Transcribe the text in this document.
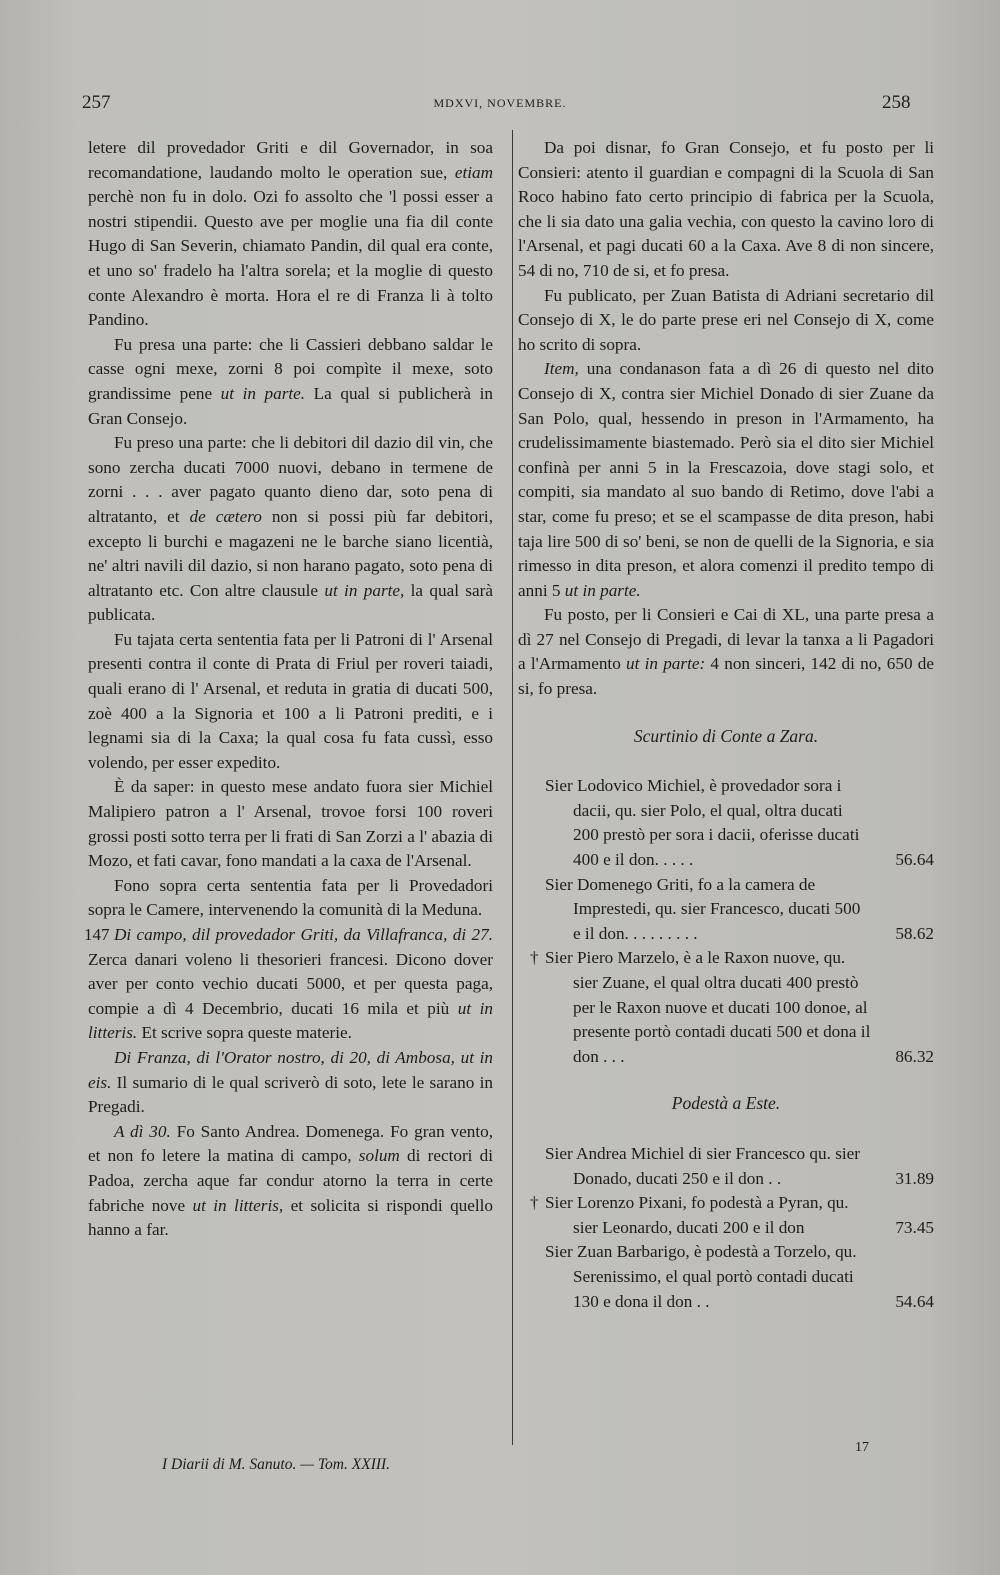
257	MDXVI, NOVEMBRE.	258

letere dil provedador Griti e dil Governador, in soa recomandatione, laudando molto le operation sue, etiam perchè non fu in dolo. Ozi fo assolto che 'l possi esser a nostri stipendii. Questo ave per moglie una fia dil conte Hugo di San Severin, chiamato Pandin, dil qual era conte, et uno so' fradelo ha l'altra sorela; et la moglie di questo conte Alexandro è morta. Hora el re di Franza li à tolto Pandino.

Fu presa una parte: che li Cassieri debbano saldar le casse ogni mexe, zorni 8 poi compìte il mexe, soto grandissime pene ut in parte. La qual si publicherà in Gran Consejo.

Fu preso una parte: che li debitori dil dazio dil vin, che sono zercha ducati 7000 nuovi, debano in termene de zorni . . . aver pagato quanto dieno dar, soto pena di altratanto, et de cætero non si possi più far debitori, excepto li burchi e magazeni ne le barche siano licentià, ne' altri navili dil dazio, si non harano pagato, soto pena di altratanto etc. Con altre clausule ut in parte, la qual sarà publicata.

Fu tajata certa sententia fata per li Patroni di l' Arsenal presenti contra il conte di Prata di Friul per roveri taiadi, quali erano di l' Arsenal, et reduta in gratia di ducati 500, zoè 400 a la Signoria et 100 a li Patroni prediti, e i legnami sia di la Caxa; la qual cosa fu fata cussì, esso volendo, per esser expedito.

È da saper: in questo mese andato fuora sier Michiel Malipiero patron a l' Arsenal, trovoe forsi 100 roveri grossi posti sotto terra per li frati di San Zorzi a l' abazia di Mozo, et fati cavar, fono mandati a la caxa de l'Arsenal.

Fono sopra certa sententia fata per li Provedadori sopra le Camere, intervenendo la comunità di la Meduna.

147 Di campo, dil provedador Griti, da Villafranca, di 27. Zerca danari voleno li thesorieri francesi. Dicono dover aver per conto vechio ducati 5000, et per questa paga, compie a dì 4 Decembrio, ducati 16 mila et più ut in litteris. Et scrive sopra queste materie.

Di Franza, di l'Orator nostro, di 20, di Ambosa, ut in eis. Il sumario di le qual scriverò di soto, lete le sarano in Pregadi.

A dì 30. Fo Santo Andrea. Domenega. Fo gran vento, et non fo letere la matina di campo, solum di rectori di Padoa, zercha aque far condur atorno la terra in certe fabriche nove ut in litteris, et solicita si rispondi quello hanno a far.

Da poi disnar, fo Gran Consejo, et fu posto per li Consieri: atento il guardian e compagni di la Scuola di San Roco habino fato certo principio di fabrica per la Scuola, che li sia dato una galia vechia, con questo la cavino loro di l'Arsenal, et pagi ducati 60 a la Caxa. Ave 8 di non sincere, 54 di no, 710 de si, et fo presa.

Fu publicato, per Zuan Batista di Adriani secretario dil Consejo di X, le do parte prese eri nel Consejo di X, come ho scrito di sopra.

Item, una condanason fata a dì 26 di questo nel dito Consejo di X, contra sier Michiel Donado di sier Zuane da San Polo, qual, hessendo in preson in l'Armamento, ha crudelissimamente biastemado. Però sia el dito sier Michiel confinà per anni 5 in la Frescazoia, dove stagi solo, et compiti, sia mandato al suo bando di Retimo, dove l'abi a star, come fu preso; et se el scampasse de dita preson, habi taja lire 500 di so' beni, se non de quelli de la Signoria, e sia rimesso in dita preson, et alora comenzi il predito tempo di anni 5 ut in parte.

Fu posto, per li Consieri e Cai di XL, una parte presa a dì 27 nel Consejo di Pregadi, di levar la tanxa a li Pagadori a l'Armamento ut in parte: 4 non sinceri, 142 di no, 650 de si, fo presa.

Scurtinio di Conte a Zara.

Sier Lodovico Michiel, è provedador sora i dacii, qu. sier Polo, el qual, oltra ducati 200 prestò per sora i dacii, oferisse ducati 400 e il don. . . . .	56.64

Sier Domenego Griti, fo a la camera de Imprestedi, qu. sier Francesco, ducati 500 e il don. . . . . . . . .	58.62

† Sier Piero Marzelo, è a le Raxon nuove, qu. sier Zuane, el qual oltra ducati 400 prestò per le Raxon nuove et ducati 100 donoe, al presente portò contadi ducati 500 et dona il don . . .	86.32

Podestà a Este.

Sier Andrea Michiel di sier Francesco qu. sier Donado, ducati 250 e il don . .	31.89

† Sier Lorenzo Pixani, fo podestà a Pyran, qu. sier Leonardo, ducati 200 e il don	73.45

Sier Zuan Barbarigo, è podestà a Torzelo, qu. Serenissimo, el qual portò contadi ducati 130 e dona il don . .	54.64

I Diarii di M. Sanuto. — Tom. XXIII.
17
